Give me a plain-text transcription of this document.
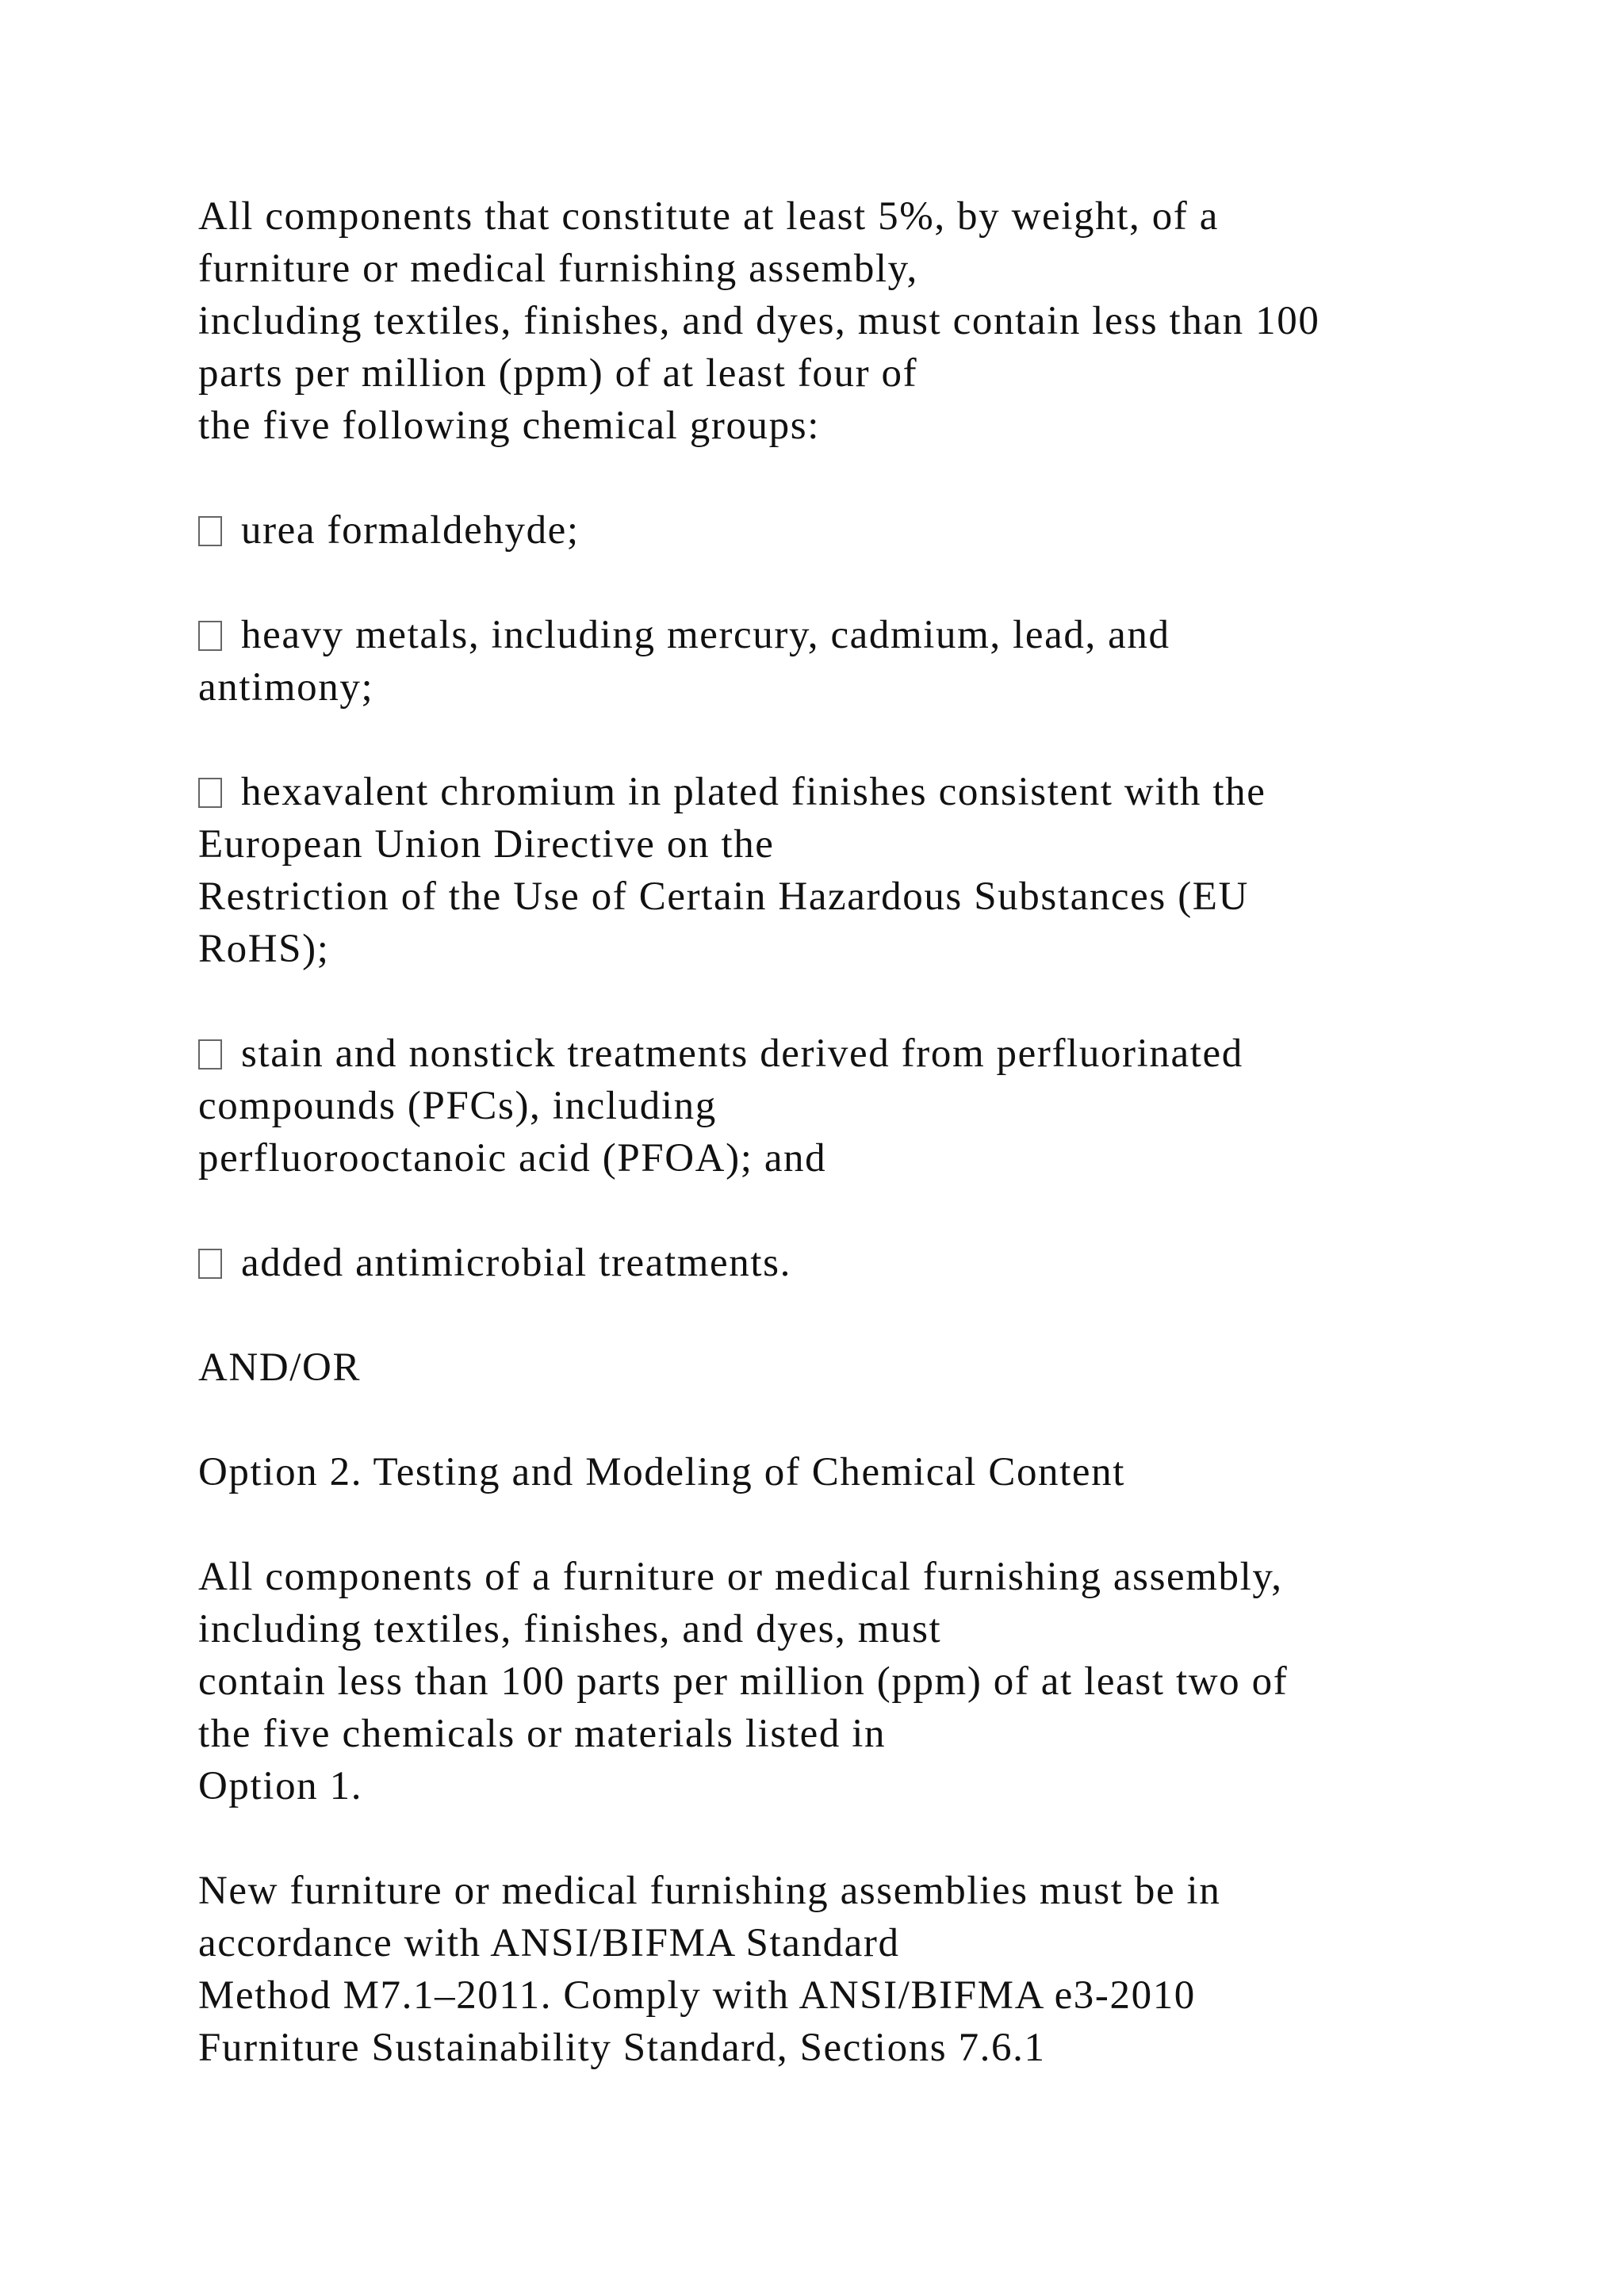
All components that constitute at least 5%, by weight, of a
furniture or medical furnishing assembly,
including textiles, finishes, and dyes, must contain less than 100
parts per million (ppm) of at least four of
the five following chemical groups:
urea formaldehyde;
heavy metals, including mercury, cadmium, lead, and
antimony;
hexavalent chromium in plated finishes consistent with the
European Union Directive on the
Restriction of the Use of Certain Hazardous Substances (EU
RoHS);
stain and nonstick treatments derived from perfluorinated
compounds (PFCs), including
perfluorooctanoic acid (PFOA); and
added antimicrobial treatments.
AND/OR
Option 2. Testing and Modeling of Chemical Content
All components of a furniture or medical furnishing assembly,
including textiles, finishes, and dyes, must
contain less than 100 parts per million (ppm) of at least two of
the five chemicals or materials listed in
Option 1.
New furniture or medical furnishing assemblies must be in
accordance with ANSI/BIFMA Standard
Method M7.1–2011. Comply with ANSI/BIFMA e3-2010
Furniture Sustainability Standard, Sections 7.6.1
